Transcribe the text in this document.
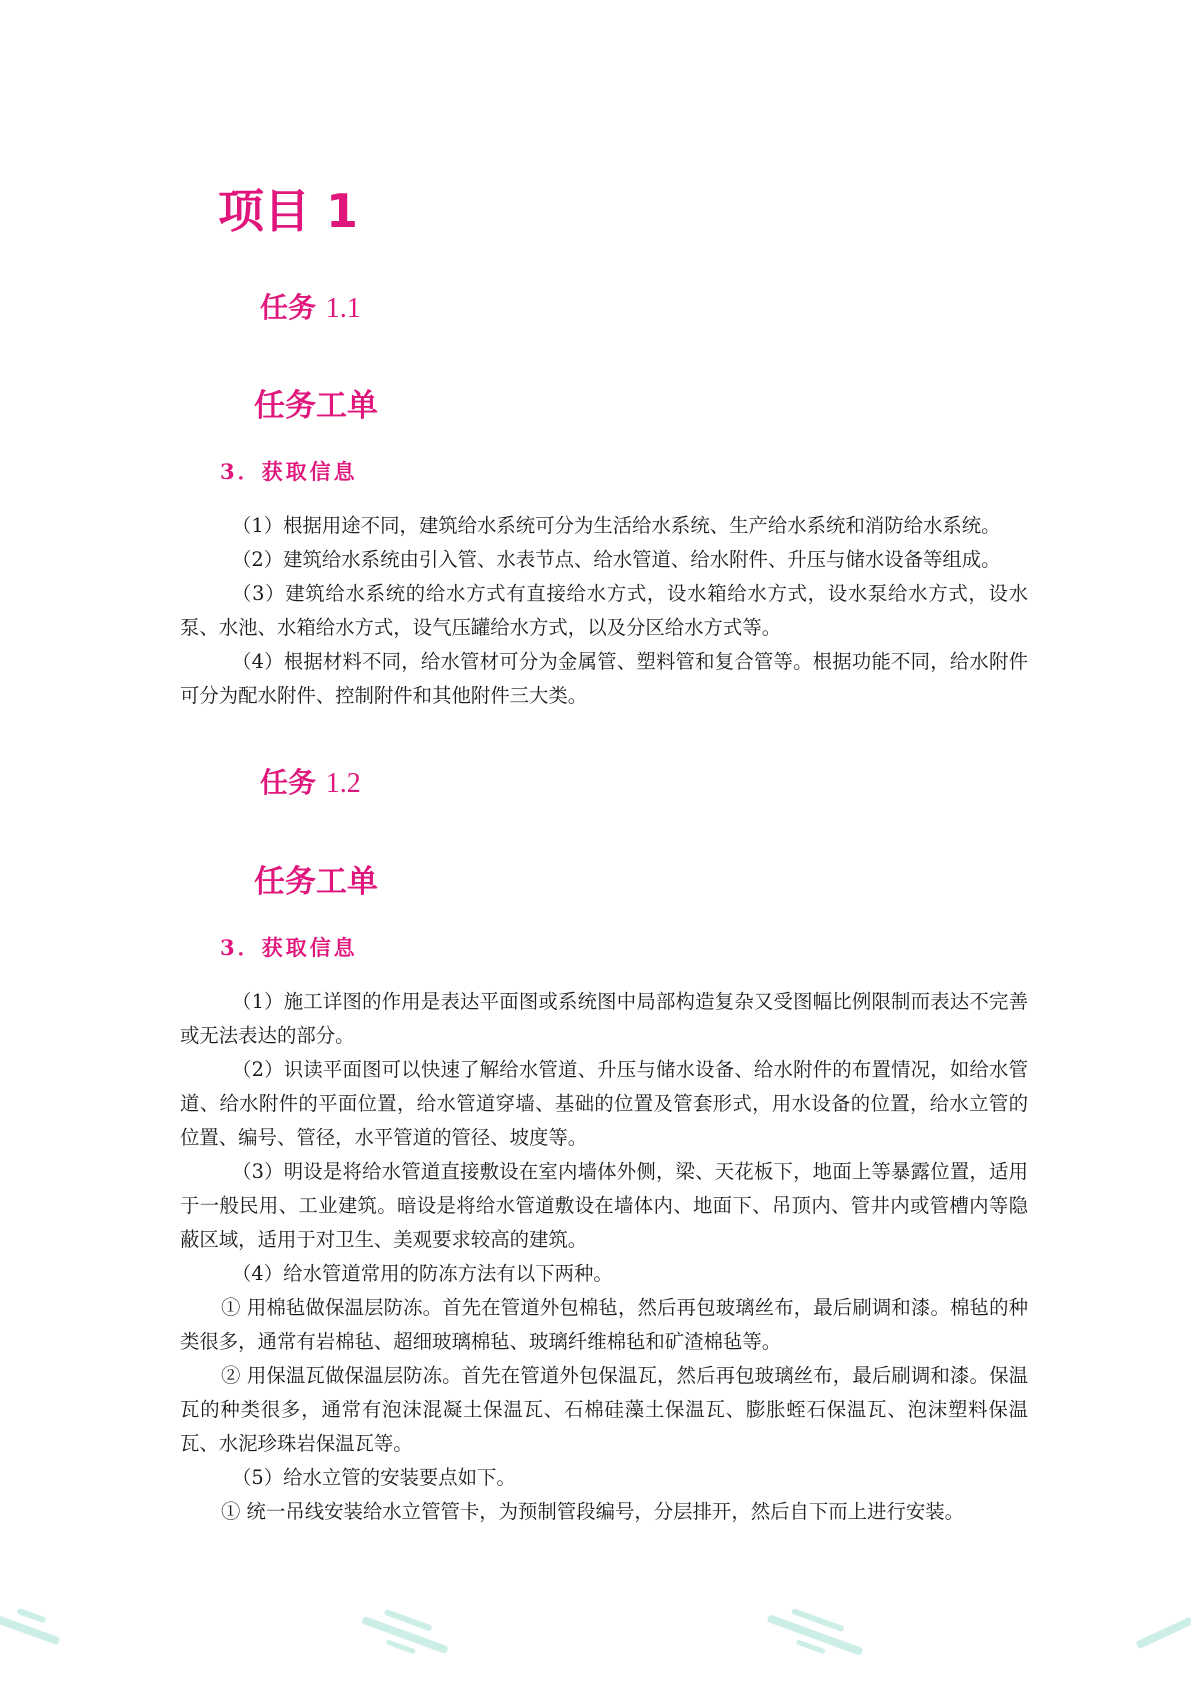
项目 1
任务 1.1
任务工单
3．获取信息

（1）根据用途不同，建筑给水系统可分为生活给水系统、生产给水系统和消防给水系统。

（2）建筑给水系统由引入管、水表节点、给水管道、给水附件、升压与储水设备等组成。

（3）建筑给水系统的给水方式有直接给水方式，设水箱给水方式，设水泵给水方式，设水泵、水池、水箱给水方式，设气压罐给水方式，以及分区给水方式等。

（4）根据材料不同，给水管材可分为金属管、塑料管和复合管等。根据功能不同，给水附件可分为配水附件、控制附件和其他附件三大类。

任务 1.2
任务工单
3．获取信息

（1）施工详图的作用是表达平面图或系统图中局部构造复杂又受图幅比例限制而表达不完善或无法表达的部分。

（2）识读平面图可以快速了解给水管道、升压与储水设备、给水附件的布置情况，如给水管道、给水附件的平面位置，给水管道穿墙、基础的位置及管套形式，用水设备的位置，给水立管的位置、编号、管径，水平管道的管径、坡度等。

（3）明设是将给水管道直接敷设在室内墙体外侧，梁、天花板下，地面上等暴露位置，适用于一般民用、工业建筑。暗设是将给水管道敷设在墙体内、地面下、吊顶内、管井内或管槽内等隐蔽区域，适用于对卫生、美观要求较高的建筑。

（4）给水管道常用的防冻方法有以下两种。

① 用棉毡做保温层防冻。首先在管道外包棉毡，然后再包玻璃丝布，最后刷调和漆。棉毡的种类很多，通常有岩棉毡、超细玻璃棉毡、玻璃纤维棉毡和矿渣棉毡等。

② 用保温瓦做保温层防冻。首先在管道外包保温瓦，然后再包玻璃丝布，最后刷调和漆。保温瓦的种类很多，通常有泡沫混凝土保温瓦、石棉硅藻土保温瓦、膨胀蛭石保温瓦、泡沫塑料保温瓦、水泥珍珠岩保温瓦等。

（5）给水立管的安装要点如下。

① 统一吊线安装给水立管管卡，为预制管段编号，分层排开，然后自下而上进行安装。
